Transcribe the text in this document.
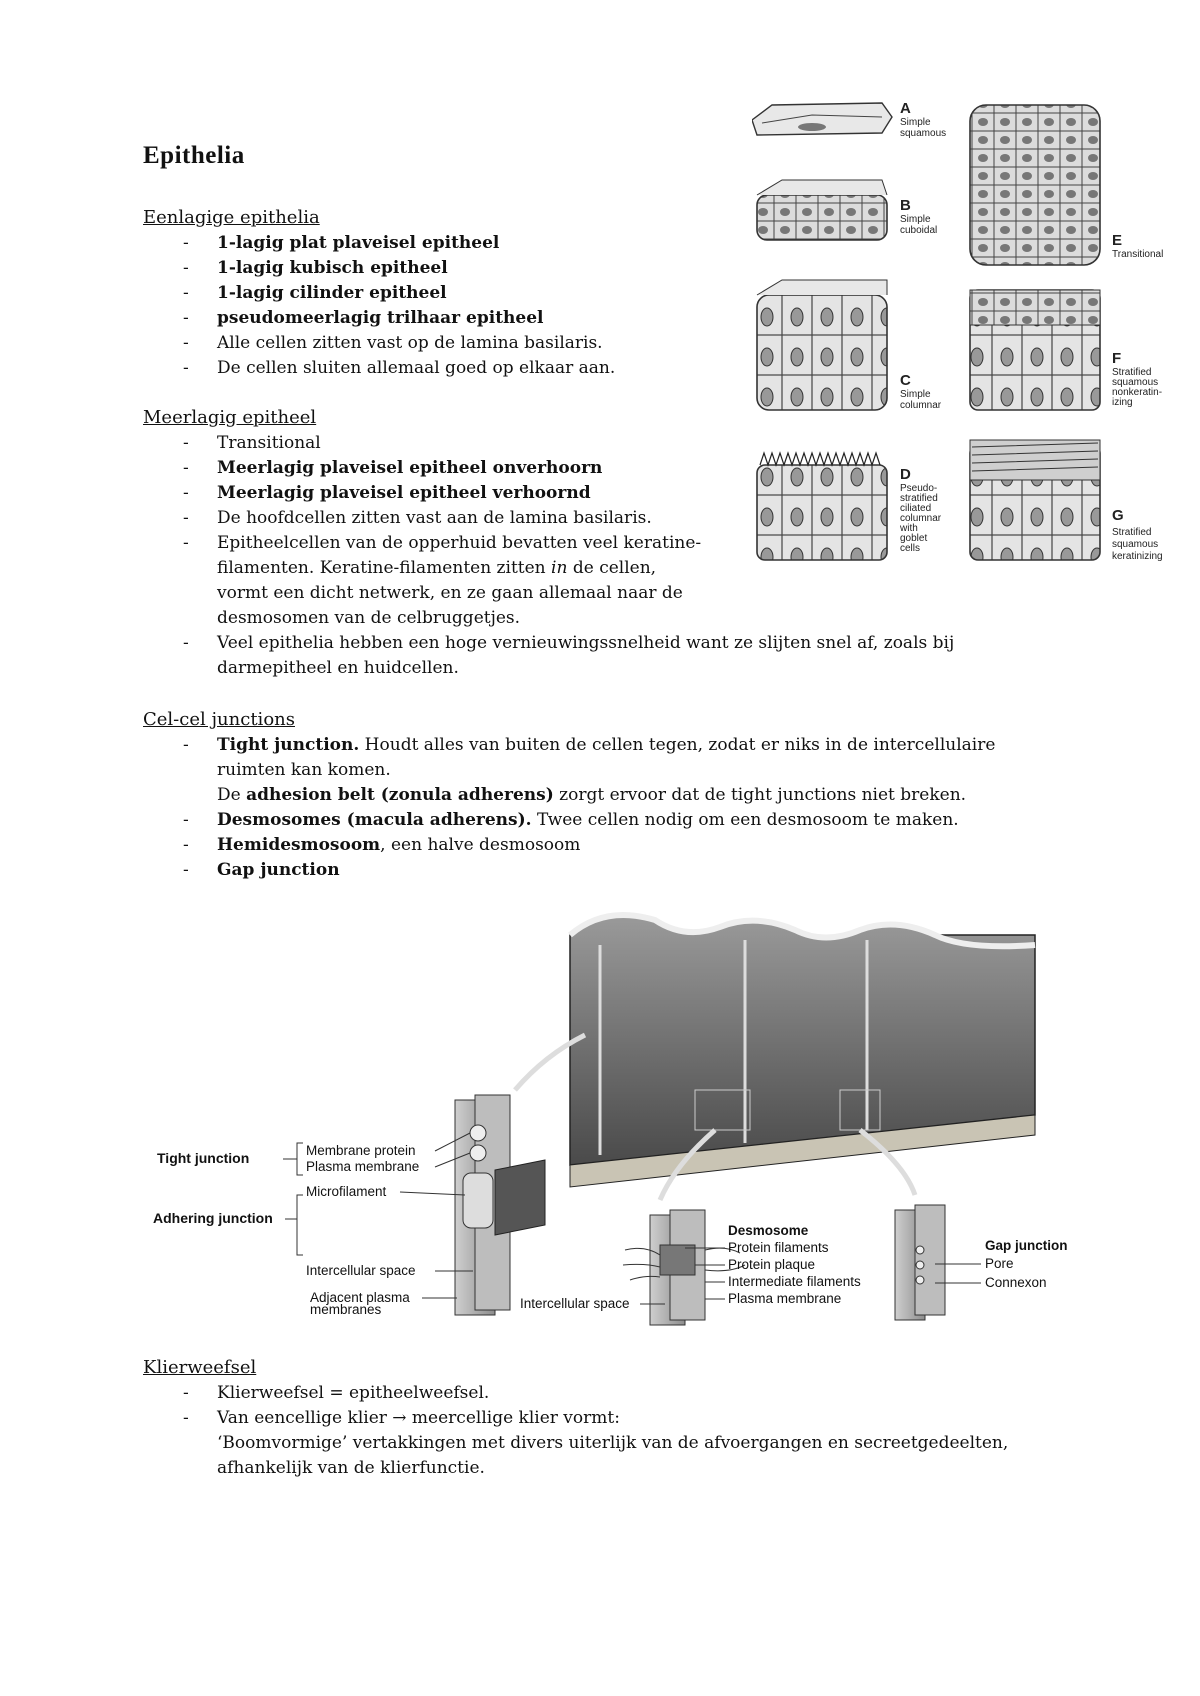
Epithelia
Eenlagige epithelia
- 1-lagig plat plaveisel epitheel
- 1-lagig kubisch epitheel
- 1-lagig cilinder epitheel
- pseudomeerlagig trilhaar epitheel
- Alle cellen zitten vast op de lamina basilaris.
- De cellen sluiten allemaal goed op elkaar aan.
Meerlagig epitheel
- Transitional
- Meerlagig plaveisel epitheel onverhoorn
- Meerlagig plaveisel epitheel verhoornd
- De hoofdcellen zitten vast aan de lamina basilaris.
- Epitheelcellen van de opperhuid bevatten veel keratine-
filamenten. Keratine-filamenten zitten in de cellen,
vormt een dicht netwerk, en ze gaan allemaal naar de
desmosomen van de celbruggetjes.
- Veel epithelia hebben een hoge vernieuwingssnelheid want ze slijten snel af, zoals bij
darmepitheel en huidcellen.
Cel-cel junctions
- Tight junction. Houdt alles van buiten de cellen tegen, zodat er niks in de intercellulaire
ruimten kan komen.
De adhesion belt (zonula adherens) zorgt ervoor dat de tight junctions niet breken.
- Desmosomes (macula adherens). Twee cellen nodig om een desmosoom te maken.
- Hemidesmosoom, een halve desmosoom
- Gap junction
Klierweefsel
- Klierweefsel = epitheelweefsel.
- Van eencellige klier → meercellige klier vormt:
‘Boomvormige’ vertakkingen met divers uiterlijk van de afvoergangen en secreetgedeelten,
afhankelijk van de klierfunctie.
A
Simple
squamous
B
Simple
cuboidal
C
Simple
columnar
D
Pseudo-
stratified
ciliated
columnar
with
goblet
cells
E
Transitional
F
Stratified
squamous
nonkeratin-
izing
G
Stratified
squamous
keratinizing
Tight junction
Adhering junction
Membrane protein
Plasma membrane
Microfilament
Intercellular space
Adjacent plasma
membranes
Desmosome
Protein filaments
Protein plaque
Intermediate filaments
Plasma membrane
Intercellular space
Gap junction
Pore
Connexon
